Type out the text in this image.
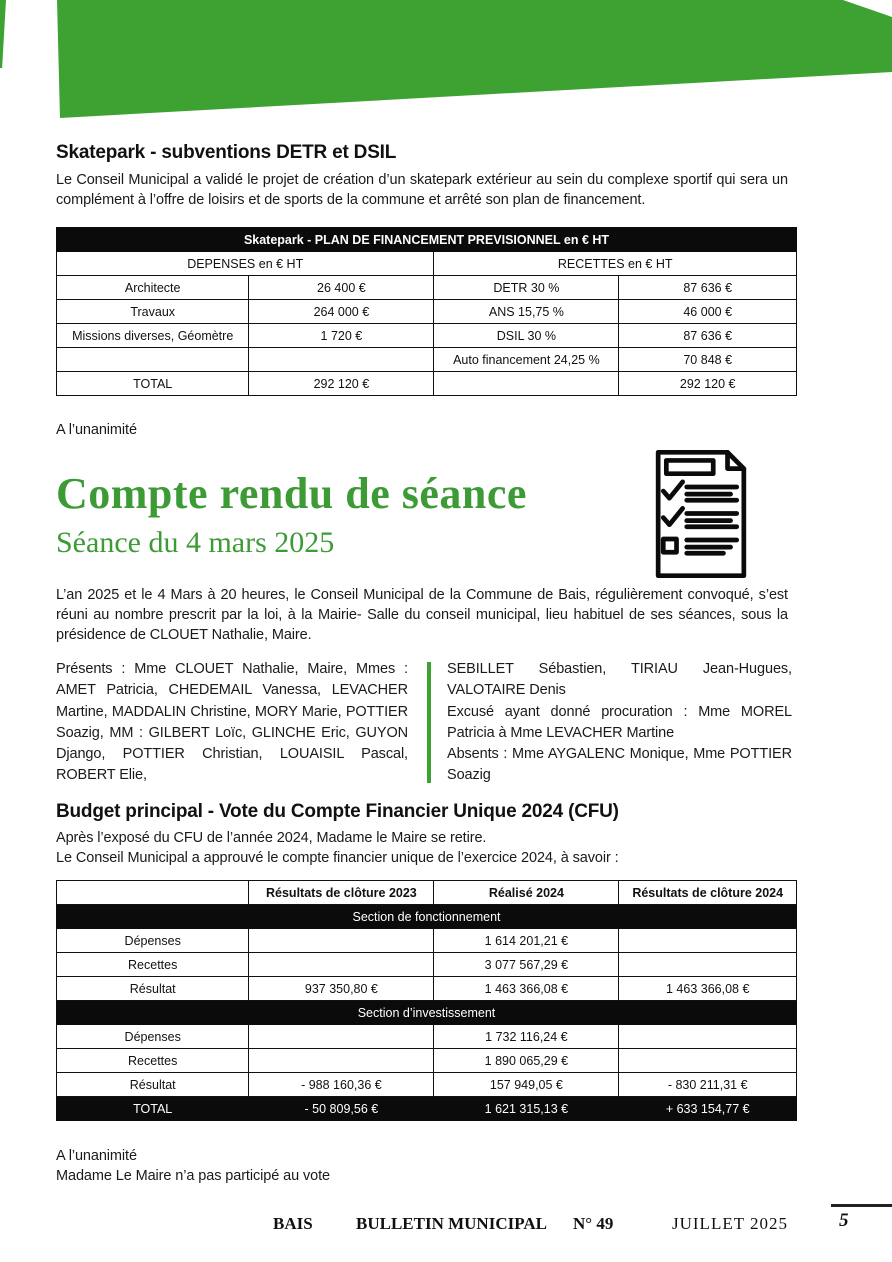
Skatepark - subventions DETR et DSIL

Le Conseil Municipal a validé le projet de création d’un skatepark extérieur au sein du complexe sportif qui sera un complément à l’offre de loisirs et de sports de la commune et arrêté son plan de financement.

Skatepark - PLAN DE FINANCEMENT PREVISIONNEL en € HT			
DEPENSES en € HT		RECETTES en € HT	
Architecte	26 400 €	DETR 30 %	87 636 €
Travaux	264 000 €	ANS 15,75 %	46 000 €
Missions diverses, Géomètre	1 720 €	DSIL 30 %	87 636 €
		Auto financement 24,25 %	70 848 €
TOTAL	292 120 €		292 120 €

A l’unanimité

Compte rendu de séance
Séance du 4 mars 2025

L’an 2025 et le 4 Mars à 20 heures, le Conseil Municipal de la Commune de Bais, régulièrement convoqué, s’est réuni au nombre prescrit par la loi, à la Mairie- Salle du conseil municipal, lieu habituel de ses séances, sous la présidence de CLOUET Nathalie, Maire.

Présents : Mme CLOUET Nathalie, Maire, Mmes : AMET Patricia, CHEDEMAIL Vanessa, LEVACHER Martine, MADDALIN Christine, MORY Marie, POTTIER Soazig, MM : GILBERT Loïc, GLINCHE Eric, GUYON Django, POTTIER Christian, LOUAISIL Pascal, ROBERT Elie,

SEBILLET Sébastien, TIRIAU Jean-Hugues, VALOTAIRE Denis

Excusé ayant donné procuration : Mme MOREL Patricia à Mme LEVACHER Martine

Absents : Mme AYGALENC Monique, Mme POTTIER Soazig

Budget principal - Vote du Compte Financier Unique 2024 (CFU)

Après l’exposé du CFU de l’année 2024, Madame le Maire se retire.

Le Conseil Municipal a approuvé le compte financier unique de l’exercice 2024, à savoir :

	Résultats de clôture 2023	Réalisé 2024	Résultats de clôture 2024
Section de fonctionnement			
Dépenses		1 614 201,21 €	
Recettes		3 077 567,29 €	
Résultat	937 350,80 €	1 463 366,08 €	1 463 366,08 €
Section d’investissement			
Dépenses		1 732 116,24 €	
Recettes		1 890 065,29 €	
Résultat	- 988 160,36 €	157 949,05 €	- 830 211,31 €
TOTAL	- 50 809,56 €	1 621 315,13 €	+ 633 154,77 €

A l’unanimité

Madame Le Maire n’a pas participé au vote

BAIS	BULLETIN MUNICIPAL N° 49	JUILLET 2025	5
